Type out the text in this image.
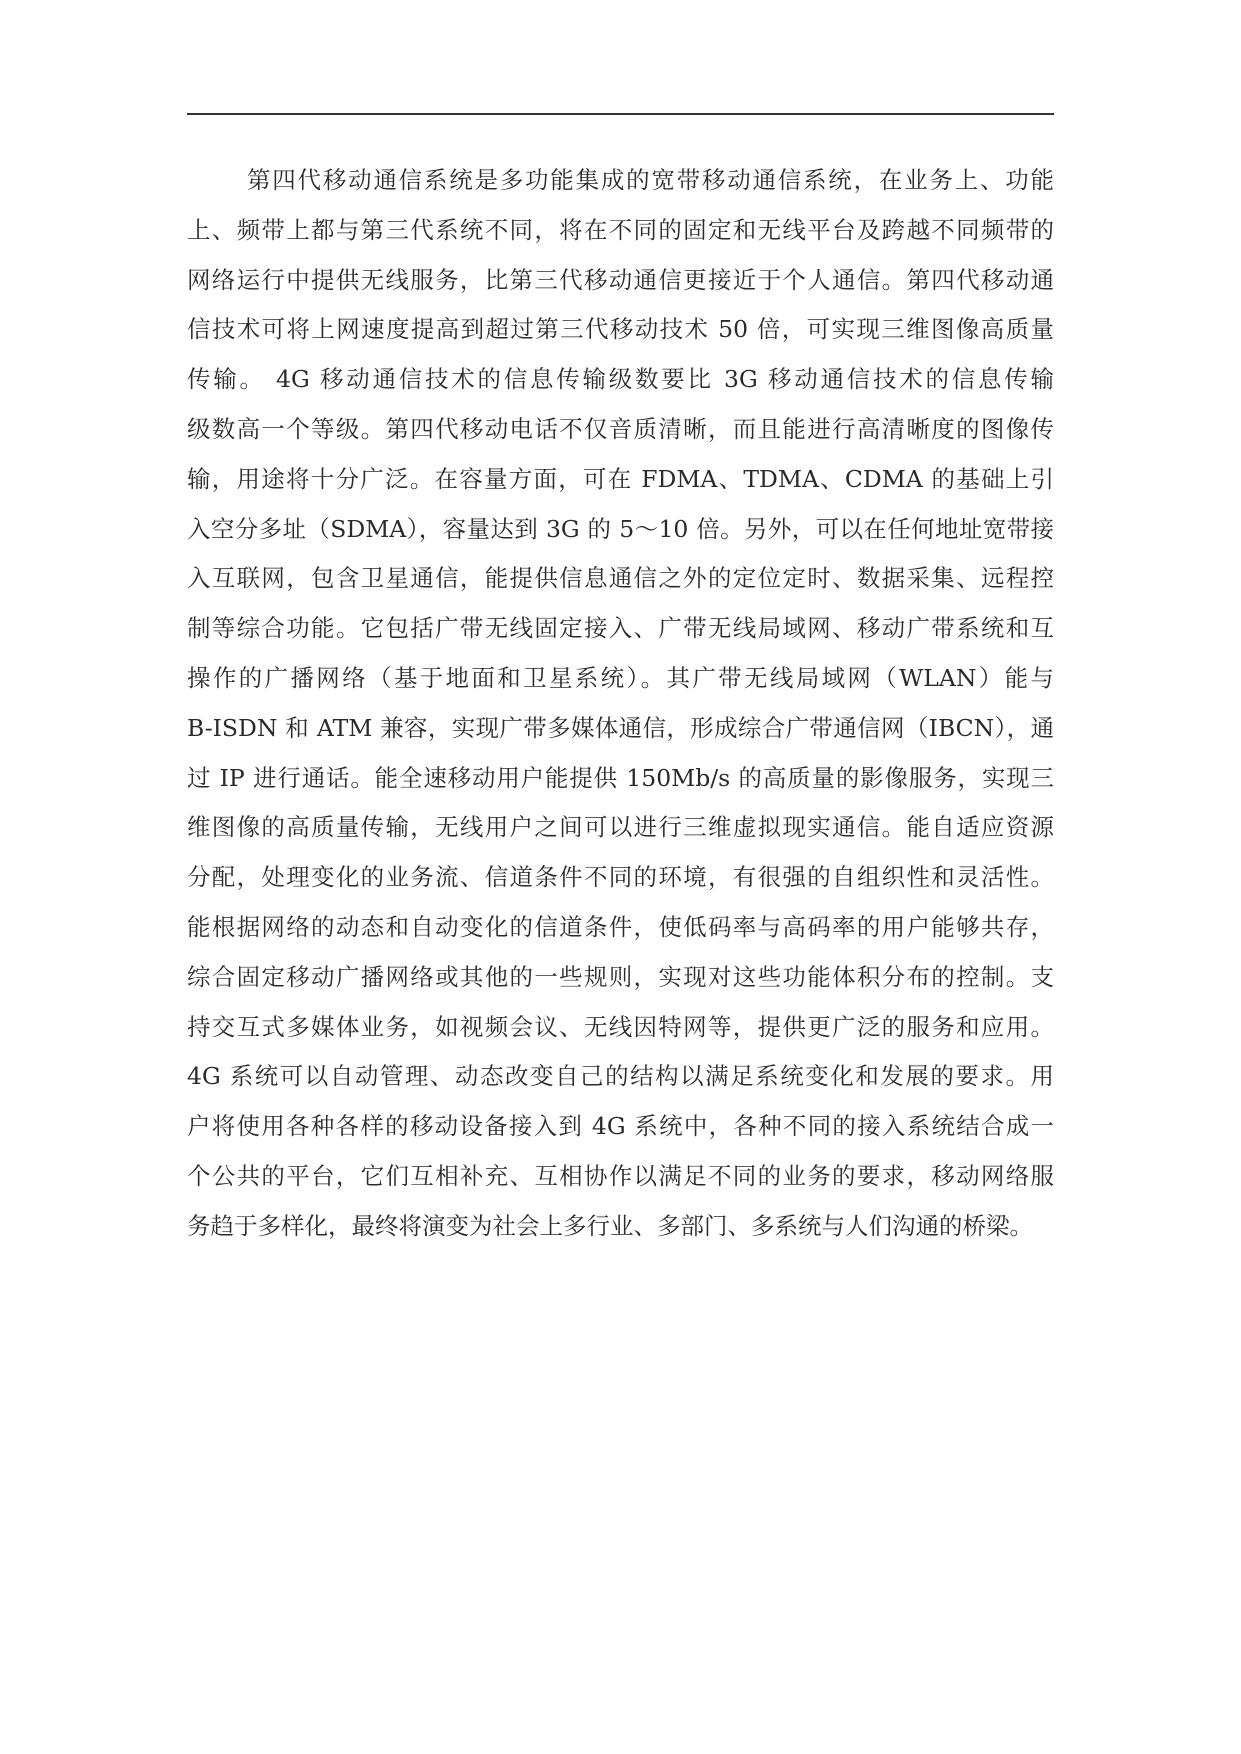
第四代移动通信系统是多功能集成的宽带移动通信系统，在业务上、功能
上、频带上都与第三代系统不同，将在不同的固定和无线平台及跨越不同频带的
网络运行中提供无线服务，比第三代移动通信更接近于个人通信。第四代移动通
信技术可将上网速度提高到超过第三代移动技术 50 倍，可实现三维图像高质量
传输。 4G 移动通信技术的信息传输级数要比 3G 移动通信技术的信息传输
级数高一个等级。第四代移动电话不仅音质清晰，而且能进行高清晰度的图像传
输，用途将十分广泛。在容量方面，可在 FDMA、TDMA、CDMA 的基础上引
入空分多址（SDMA），容量达到 3G 的 5～10 倍。另外，可以在任何地址宽带接
入互联网，包含卫星通信，能提供信息通信之外的定位定时、数据采集、远程控
制等综合功能。它包括广带无线固定接入、广带无线局域网、移动广带系统和互
操作的广播网络（基于地面和卫星系统）。其广带无线局域网（WLAN）能与
B-ISDN 和 ATM 兼容，实现广带多媒体通信，形成综合广带通信网（IBCN），通
过 IP 进行通话。能全速移动用户能提供 150Mb/s 的高质量的影像服务，实现三
维图像的高质量传输，无线用户之间可以进行三维虚拟现实通信。能自适应资源
分配，处理变化的业务流、信道条件不同的环境，有很强的自组织性和灵活性。
能根据网络的动态和自动变化的信道条件，使低码率与高码率的用户能够共存，
综合固定移动广播网络或其他的一些规则，实现对这些功能体积分布的控制。支
持交互式多媒体业务，如视频会议、无线因特网等，提供更广泛的服务和应用。
4G 系统可以自动管理、动态改变自己的结构以满足系统变化和发展的要求。用
户将使用各种各样的移动设备接入到 4G 系统中，各种不同的接入系统结合成一
个公共的平台，它们互相补充、互相协作以满足不同的业务的要求，移动网络服
务趋于多样化，最终将演变为社会上多行业、多部门、多系统与人们沟通的桥梁。
